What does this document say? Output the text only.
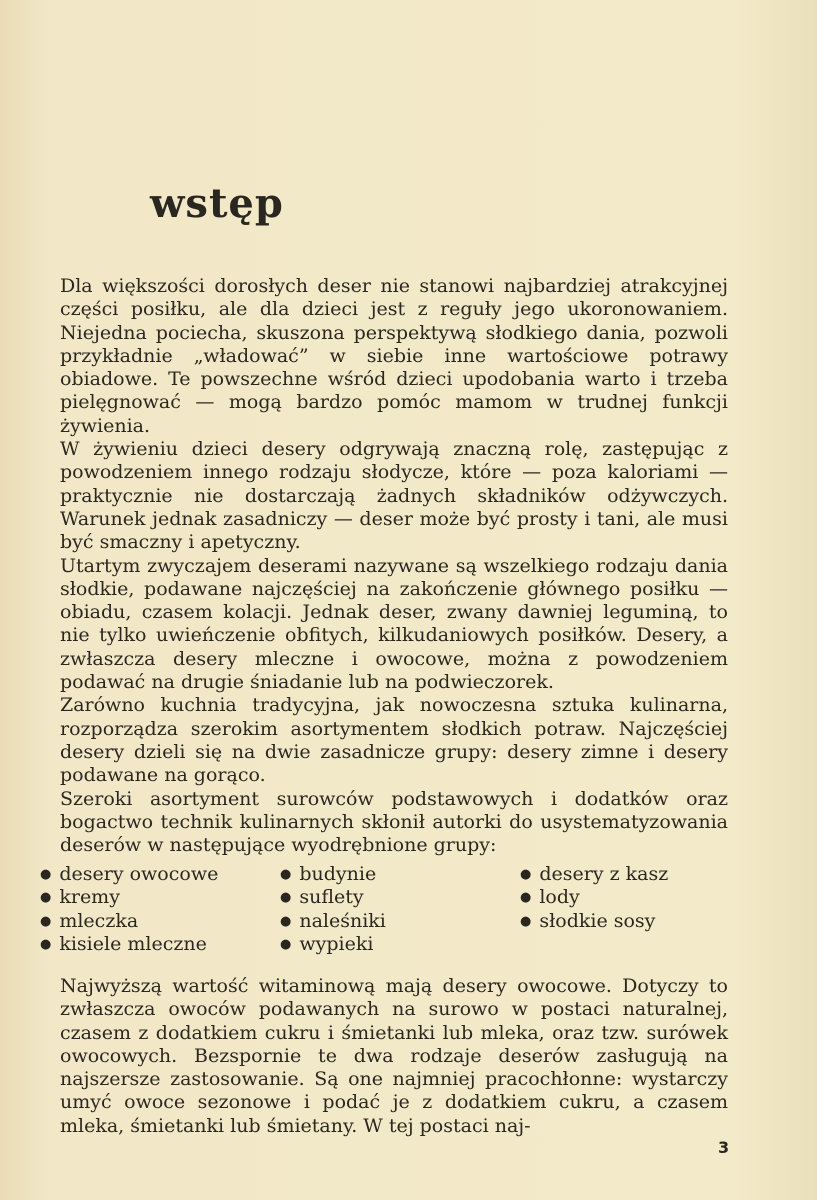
wstęp

Dla większości dorosłych deser nie stanowi najbardziej atrakcyjnej części posiłku, ale dla dzieci jest z reguły jego ukoronowaniem. Niejedna pociecha, skuszona perspektywą słodkiego dania, pozwoli przykładnie „władować” w siebie inne wartościowe potrawy obiadowe. Te powszechne wśród dzieci upodobania warto i trzeba pielęgnować — mogą bardzo pomóc mamom w trudnej funkcji żywienia.

W żywieniu dzieci desery odgrywają znaczną rolę, zastępując z powodzeniem innego rodzaju słodycze, które — poza kaloriami — praktycznie nie dostarczają żadnych składników odżywczych. Warunek jednak zasadniczy — deser może być prosty i tani, ale musi być smaczny i apetyczny.

Utartym zwyczajem deserami nazywane są wszelkiego rodzaju dania słodkie, podawane najczęściej na zakończenie głównego posiłku — obiadu, czasem kolacji. Jednak deser, zwany dawniej leguminą, to nie tylko uwieńczenie obfitych, kilkudaniowych posiłków. Desery, a zwłaszcza desery mleczne i owocowe, można z powodzeniem podawać na drugie śniadanie lub na podwieczorek.

Zarówno kuchnia tradycyjna, jak nowoczesna sztuka kulinarna, rozporządza szerokim asortymentem słodkich potraw. Najczęściej desery dzieli się na dwie zasadnicze grupy: desery zimne i desery podawane na gorąco.

Szeroki asortyment surowców podstawowych i dodatków oraz bogactwo technik kulinarnych skłonił autorki do usystematyzowania deserów w następujące wyodrębnione grupy:

● desery owocowe
● kremy
● mleczka
● kisiele mleczne
● budynie
● suflety
● naleśniki
● wypieki
● desery z kasz
● lody
● słodkie sosy

Najwyższą wartość witaminową mają desery owocowe. Dotyczy to zwłaszcza owoców podawanych na surowo w postaci naturalnej, czasem z dodatkiem cukru i śmietanki lub mleka, oraz tzw. surówek owocowych. Bezspornie te dwa rodzaje deserów zasługują na najszersze zastosowanie. Są one najmniej pracochłonne: wystarczy umyć owoce sezonowe i podać je z dodatkiem cukru, a czasem mleka, śmietanki lub śmietany. W tej postaci naj-

3
